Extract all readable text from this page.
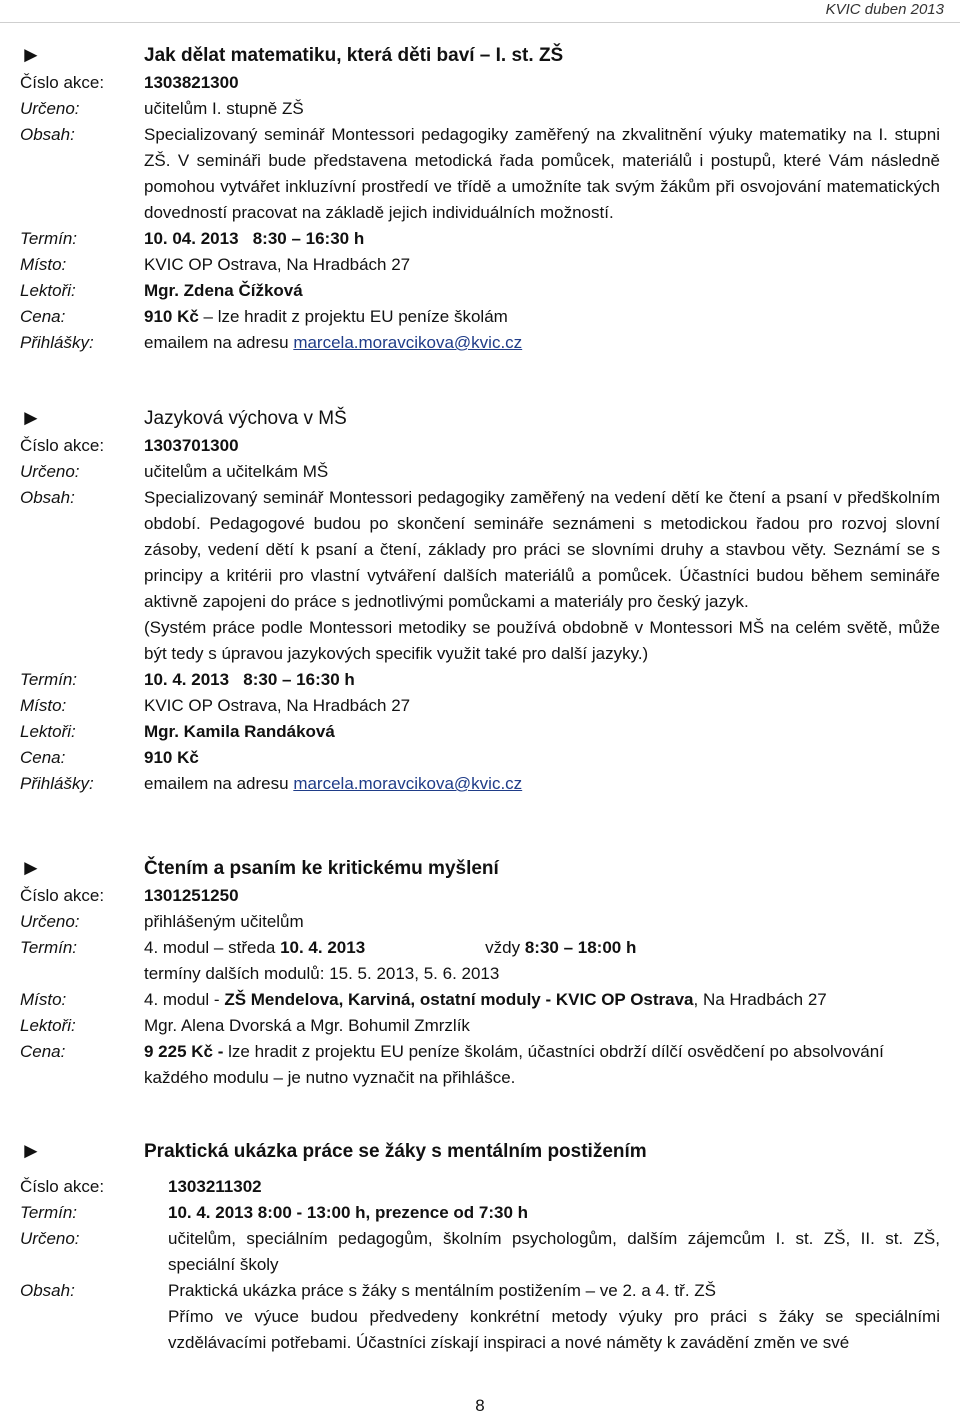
KVIC duben 2013
►	Jak dělat matematiku, která děti baví – I. st. ZŠ
Číslo akce:	1303821300
Určeno:	učitelům I. stupně ZŠ
Obsah:	Specializovaný seminář Montessori pedagogiky zaměřený na zkvalitnění výuky matematiky na I. stupni ZŠ. V semináři bude představena metodická řada pomůcek, materiálů i postupů, které Vám následně pomohou vytvářet inkluzívní prostředí ve třídě a umožníte tak svým žákům při osvojování matematických dovedností pracovat na základě jejich individuálních možností.
Termín:	10. 04. 2013   8:30 – 16:30 h
Místo:	KVIC OP Ostrava, Na Hradbách 27
Lektoři:	Mgr. Zdena Čížková
Cena:	910 Kč – lze hradit z projektu EU peníze školám
Přihlášky:	emailem na adresu marcela.moravcikova@kvic.cz
►	Jazyková výchova v MŠ
Číslo akce:	1303701300
Určeno:	učitelům a učitelkám MŠ
Obsah:	Specializovaný seminář Montessori pedagogiky zaměřený na vedení dětí ke čtení a psaní v předškolním období. Pedagogové budou po skončení semináře seznámeni s metodickou řadou pro rozvoj slovní zásoby, vedení dětí k psaní a čtení, základy pro práci se slovními druhy a stavbou věty. Seznámí se s principy a kritérii pro vlastní vytváření dalších materiálů a pomůcek. Účastníci budou během semináře aktivně zapojeni do práce s jednotlivými pomůckami a materiály pro český jazyk.
(Systém práce podle Montessori metodiky se používá obdobně v Montessori MŠ na celém světě, může být tedy s úpravou jazykových specifik využit také pro další jazyky.)
Termín:	10. 4. 2013   8:30 – 16:30 h
Místo:	KVIC OP Ostrava, Na Hradbách 27
Lektoři:	Mgr. Kamila Randáková
Cena:	910 Kč
Přihlášky:	emailem na adresu marcela.moravcikova@kvic.cz
►	Čtením a psaním ke kritickému myšlení
Číslo akce:	1301251250
Určeno:	přihlášeným učitelům
Termín:	4. modul – středa 10. 4. 2013	vždy 8:30 – 18:00 h
termíny dalších modulů: 15. 5. 2013, 5. 6. 2013
Místo:	4. modul - ZŠ Mendelova, Karviná, ostatní moduly - KVIC OP Ostrava, Na Hradbách 27
Lektoři:	Mgr. Alena Dvorská a Mgr. Bohumil Zmrzlík
Cena:	9 225 Kč - lze hradit z projektu EU peníze školám, účastníci obdrží dílčí osvědčení po absolvování každého modulu – je nutno vyznačit na přihlášce.
►	Praktická ukázka práce se žáky s mentálním postižením
Číslo akce:	1303211302
Termín:	10. 4. 2013 8:00 - 13:00 h, prezence od 7:30 h
Určeno:	učitelům, speciálním pedagogům, školním psychologům, dalším zájemcům I. st. ZŠ, II. st. ZŠ, speciální školy
Obsah:	Praktická ukázka práce s žáky s mentálním postižením – ve 2. a 4. tř. ZŠ
Přímo ve výuce budou předvedeny konkrétní metody výuky pro práci s žáky se speciálními vzdělávacími potřebami. Účastníci získají inspiraci a nové náměty k zavádění změn ve své
8
